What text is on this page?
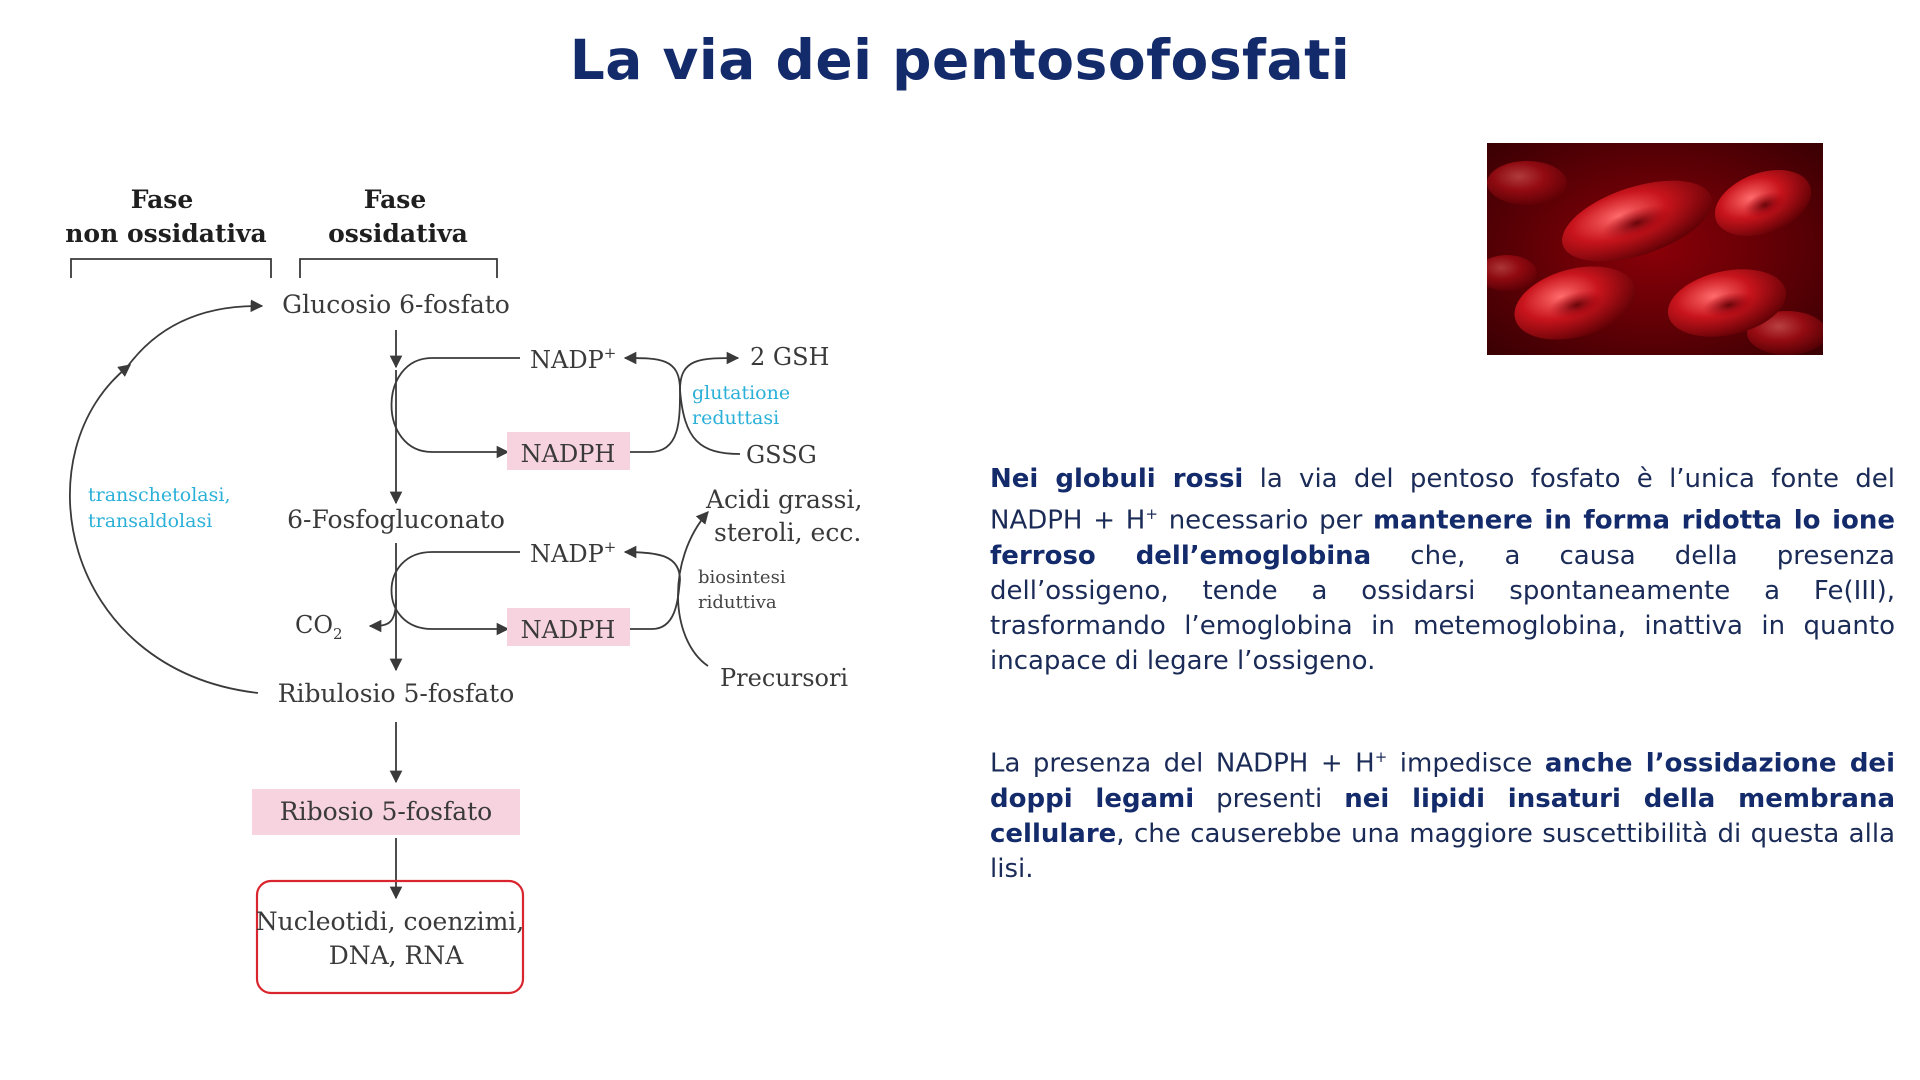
La via dei pentosofosfati
Fase
non ossidativa
Fase
ossidativa
Glucosio 6-fosfato
6-Fosfogluconato
Ribulosio 5-fosfato
NADP+
NADPH
2 GSH
GSSG
glutatione
reduttasi
NADP+
NADPH
$CO_2$
Acidi grassi,
steroli, ecc.
biosintesi
riduttiva
Precursori
transchetolasi,
transaldolasi
Ribosio 5-fosfato
Nucleotidi, coenzimi,
DNA, RNA
Nei globuli rossi la via del pentoso fosfato è l’unica fonte del NADPH + H+ necessario per mantenere in forma ridotta lo ione ferroso dell’emoglobina che, a causa della presenza dell’ossigeno, tende a ossidarsi spontaneamente a Fe(III), trasformando l’emoglobina in metemoglobina, inattiva in quanto incapace di legare l’ossigeno.
La presenza del NADPH + H+ impedisce anche l’ossidazione dei doppi legami presenti nei lipidi insaturi della membrana cellulare, che causerebbe una maggiore suscettibilità di questa alla lisi.
